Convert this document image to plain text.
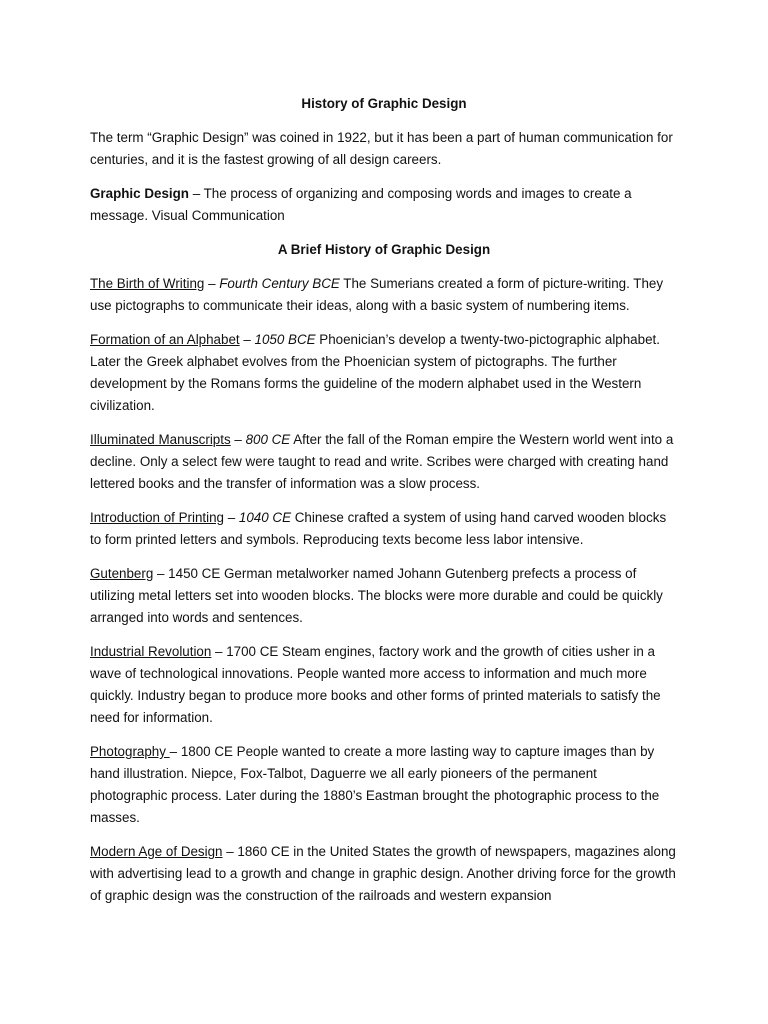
History of Graphic Design

The term “Graphic Design” was coined in 1922, but it has been a part of human communication for centuries, and it is the fastest growing of all design careers.

Graphic Design – The process of organizing and composing words and images to create a message. Visual Communication

A Brief History of Graphic Design

The Birth of Writing – Fourth Century BCE The Sumerians created a form of picture-writing. They use pictographs to communicate their ideas, along with a basic system of numbering items.

Formation of an Alphabet – 1050 BCE Phoenician’s develop a twenty-two-pictographic alphabet. Later the Greek alphabet evolves from the Phoenician system of pictographs. The further development by the Romans forms the guideline of the modern alphabet used in the Western civilization.

Illuminated Manuscripts – 800 CE After the fall of the Roman empire the Western world went into a decline. Only a select few were taught to read and write. Scribes were charged with creating hand lettered books and the transfer of information was a slow process.

Introduction of Printing – 1040 CE Chinese crafted a system of using hand carved wooden blocks to form printed letters and symbols. Reproducing texts become less labor intensive.

Gutenberg – 1450 CE German metalworker named Johann Gutenberg prefects a process of utilizing metal letters set into wooden blocks. The blocks were more durable and could be quickly arranged into words and sentences.

Industrial Revolution – 1700 CE Steam engines, factory work and the growth of cities usher in a wave of technological innovations. People wanted more access to information and much more quickly. Industry began to produce more books and other forms of printed materials to satisfy the need for information.

Photography – 1800 CE People wanted to create a more lasting way to capture images than by hand illustration. Niepce, Fox-Talbot, Daguerre we all early pioneers of the permanent photographic process. Later during the 1880’s Eastman brought the photographic process to the masses.

Modern Age of Design – 1860 CE in the United States the growth of newspapers, magazines along with advertising lead to a growth and change in graphic design. Another driving force for the growth of graphic design was the construction of the railroads and western expansion
